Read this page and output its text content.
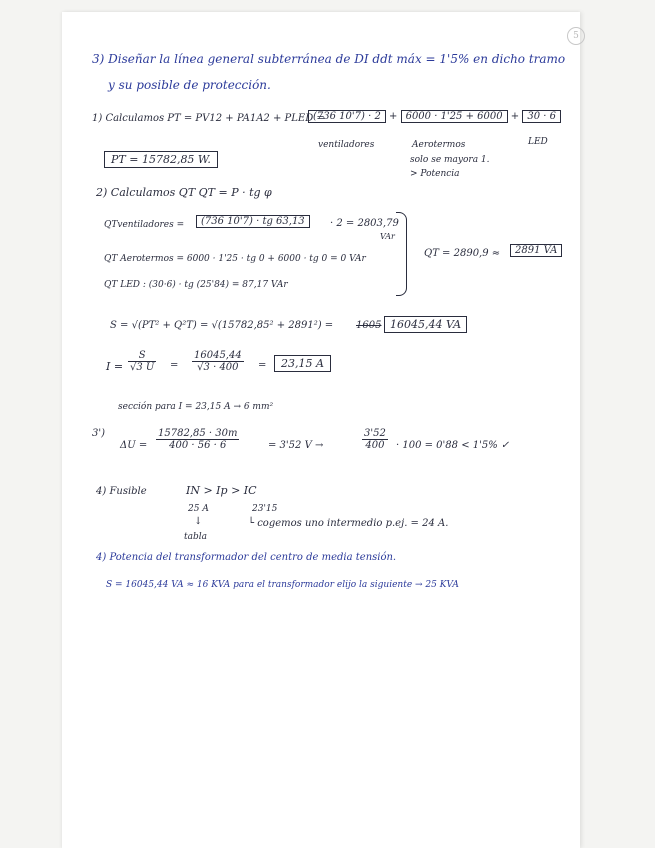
5
3) Diseñar la línea general subterránea de DI ddt máx = 1'5% en dicho tramo
y su posible de protección.
1) Calculamos PT = PV12 + PA1A2 + PLED =
(736 10'7) · 2 + 6000 · 1'25 + 6000 + 30 · 6
ventiladores	Aerotermos	LED
solo se mayora 1.
> Potencia
PT = 15782,85 W.
2) Calculamos QT QT = P · tg φ
QTventiladores =	(736 10'7) · tg 63,13	· 2 = 2803,79
VAr
QT Aerotermos = 6000 · 1'25 · tg 0 + 6000 · tg 0 = 0 VAr
QT LED : (30·6) · tg (25'84) = 87,17 VAr
QT = 2890,9 ≈	2891 VA
S = √(PT² + Q²T) = √(15782,85² + 2891²) = 1605 16045,44 VA
$I = \frac{S}{√3 U} = \frac{16045,44}{√3 \cdot 400}$ =	23,15 A
sección para I = 23,15 A → 6 mm²
3')
$\Delta U = \frac{15782,85 \cdot 30m}{400 \cdot 56 \cdot 6}$	= 3'52 V →	$\frac{3'52}{400} \cdot 100 = 0'88 < 1'5\%$ ✓
4) Fusible	IN > Ip > IC
25 A	23'15
↓
tabla
└ cogemos uno intermedio p.ej. = 24 A.
4) Potencia del transformador del centro de media tensión.
S = 16045,44 VA ≈ 16 KVA para el transformador elijo la siguiente → 25 KVA
